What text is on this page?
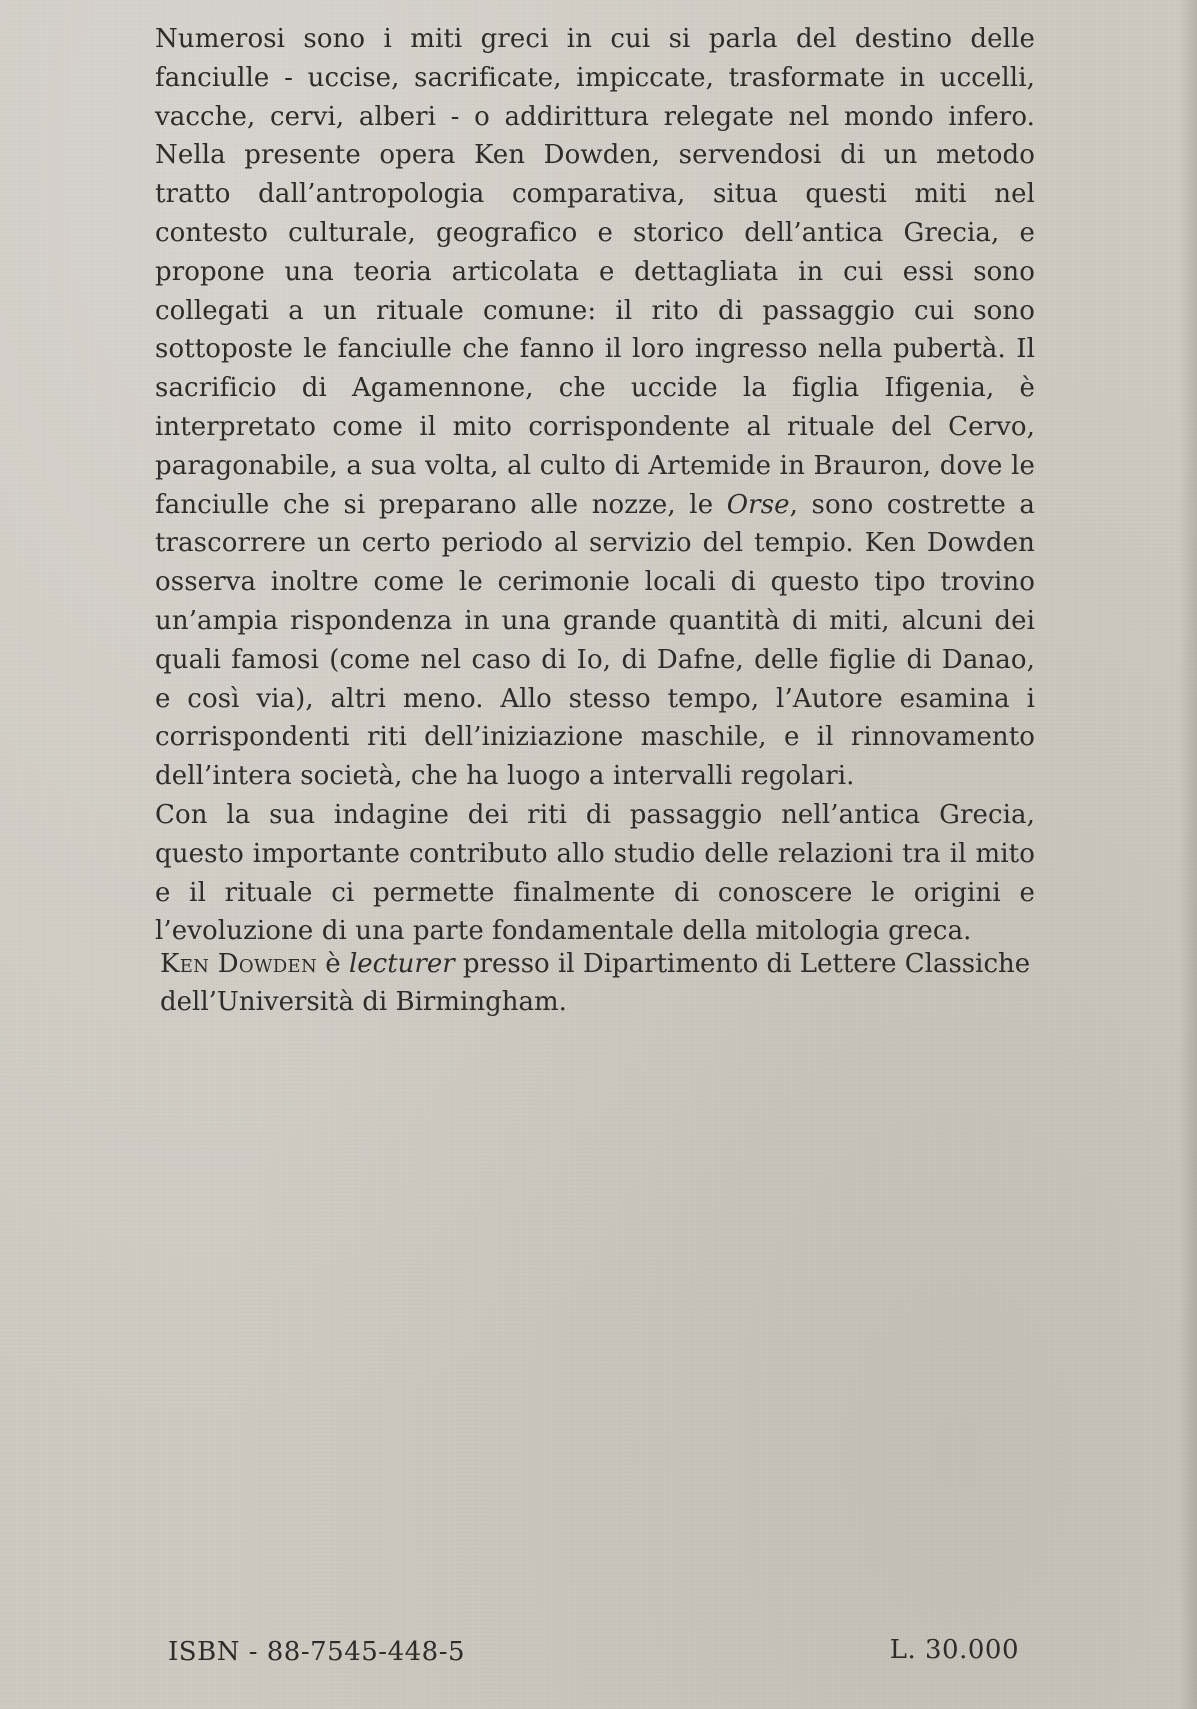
Numerosi sono i miti greci in cui si parla del destino delle fanciulle - uccise, sacrificate, impiccate, trasformate in uccelli, vacche, cervi, alberi - o addirittura relegate nel mondo infero. Nella presente opera Ken Dowden, servendosi di un metodo tratto dall’antropologia comparativa, situa questi miti nel contesto culturale, geografico e storico dell’antica Grecia, e propone una teoria articolata e dettagliata in cui essi sono collegati a un rituale comune: il rito di passaggio cui sono sottoposte le fanciulle che fanno il loro ingresso nella pubertà. Il sacrificio di Agamennone, che uccide la figlia Ifigenia, è interpretato come il mito corrispondente al rituale del Cervo, paragonabile, a sua volta, al culto di Artemide in Brauron, dove le fanciulle che si preparano alle nozze, le Orse, sono costrette a trascorrere un certo periodo al servizio del tempio. Ken Dowden osserva inoltre come le cerimonie locali di questo tipo trovino un’ampia rispondenza in una grande quantità di miti, alcuni dei quali famosi (come nel caso di Io, di Dafne, delle figlie di Danao, e così via), altri meno. Allo stesso tempo, l’Autore esamina i corrispondenti riti dell’iniziazione maschile, e il rinnovamento dell’intera società, che ha luogo a intervalli regolari.

Con la sua indagine dei riti di passaggio nell’antica Grecia, questo importante contributo allo studio delle relazioni tra il mito e il rituale ci permette finalmente di conoscere le origini e l’evoluzione di una parte fondamentale della mitologia greca.

Ken Dowden è lecturer presso il Dipartimento di Lettere Classiche dell’Università di Birmingham.

ISBN - 88-7545-448-5	L. 30.000
